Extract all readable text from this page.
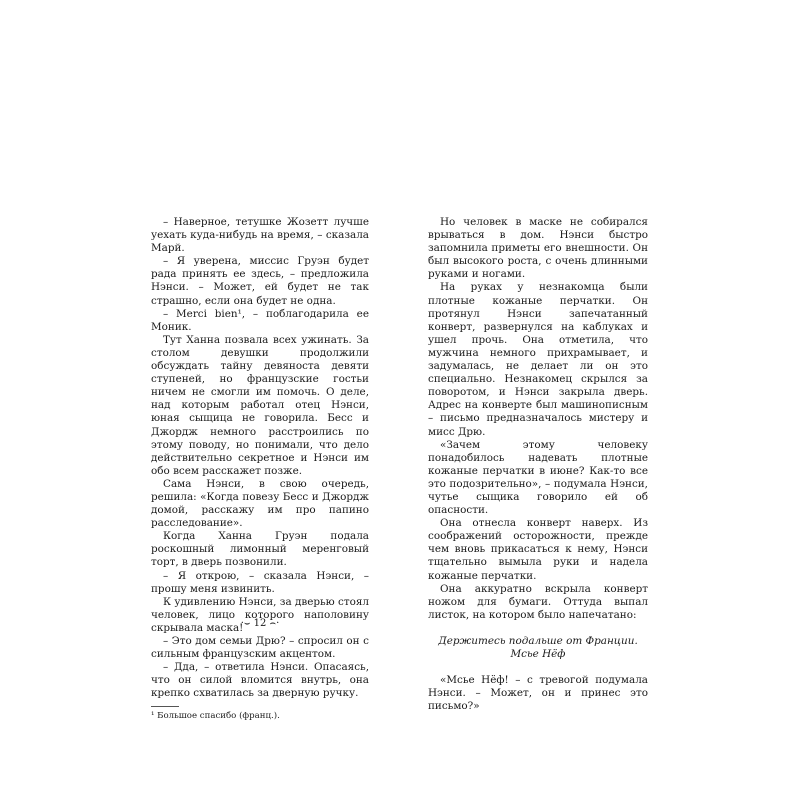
– Наверное, тетушке Жозетт лучше уехать куда-нибудь на время, – сказала Марй.

– Я уверена, миссис Груэн будет рада принять ее здесь, – предложила Нэнси. – Может, ей будет не так страшно, если она будет не одна.

– Merci bien¹, – поблагодарила ее Моник.

Тут Ханна позвала всех ужинать. За столом девушки продолжили обсуждать тайну девяноста девяти ступеней, но французские гостьи ничем не смогли им помочь. О деле, над которым работал отец Нэнси, юная сыщица не говорила. Бесс и Джордж немного расстроились по этому поводу, но понимали, что дело действительно секретное и Нэнси им обо всем расскажет позже.

Сама Нэнси, в свою очередь, решила: «Когда повезу Бесс и Джордж домой, расскажу им про папино расследование».

Когда Ханна Груэн подала роскошный лимонный меренговый торт, в дверь позвонили.

– Я открою, – сказала Нэнси, – прошу меня извинить.

К удивлению Нэнси, за дверью стоял человек, лицо которого наполовину скрывала маска!

– Это дом семьи Дрю? – спросил он с сильным французским акцентом.

– Дда, – ответила Нэнси. Опасаясь, что он силой вломится внутрь, она крепко схватилась за дверную ручку.

¹ Большое спасибо (франц.).

·⌣ 12 ⌢·

Но человек в маске не собирался врываться в дом. Нэнси быстро запомнила приметы его внешности. Он был высокого роста, с очень длинными руками и ногами.

На руках у незнакомца были плотные кожаные перчатки. Он протянул Нэнси запечатанный конверт, развернулся на каблуках и ушел прочь. Она отметила, что мужчина немного прихрамывает, и задумалась, не делает ли он это специально. Незнакомец скрылся за поворотом, и Нэнси закрыла дверь. Адрес на конверте был машинописным – письмо предназначалось мистеру и мисс Дрю.

«Зачем этому человеку понадобилось надевать плотные кожаные перчатки в июне? Как-то все это подозрительно», – подумала Нэнси, чутье сыщика говорило ей об опасности.

Она отнесла конверт наверх. Из соображений осторожности, прежде чем вновь прикасаться к нему, Нэнси тщательно вымыла руки и надела кожаные перчатки.

Она аккуратно вскрыла конверт ножом для бумаги. Оттуда выпал листок, на котором было напечатано:

Держитесь подальше от Франции.

Мсье Нёф

«Мсье Нёф! – с тревогой подумала Нэнси. – Может, он и принес это письмо?»
